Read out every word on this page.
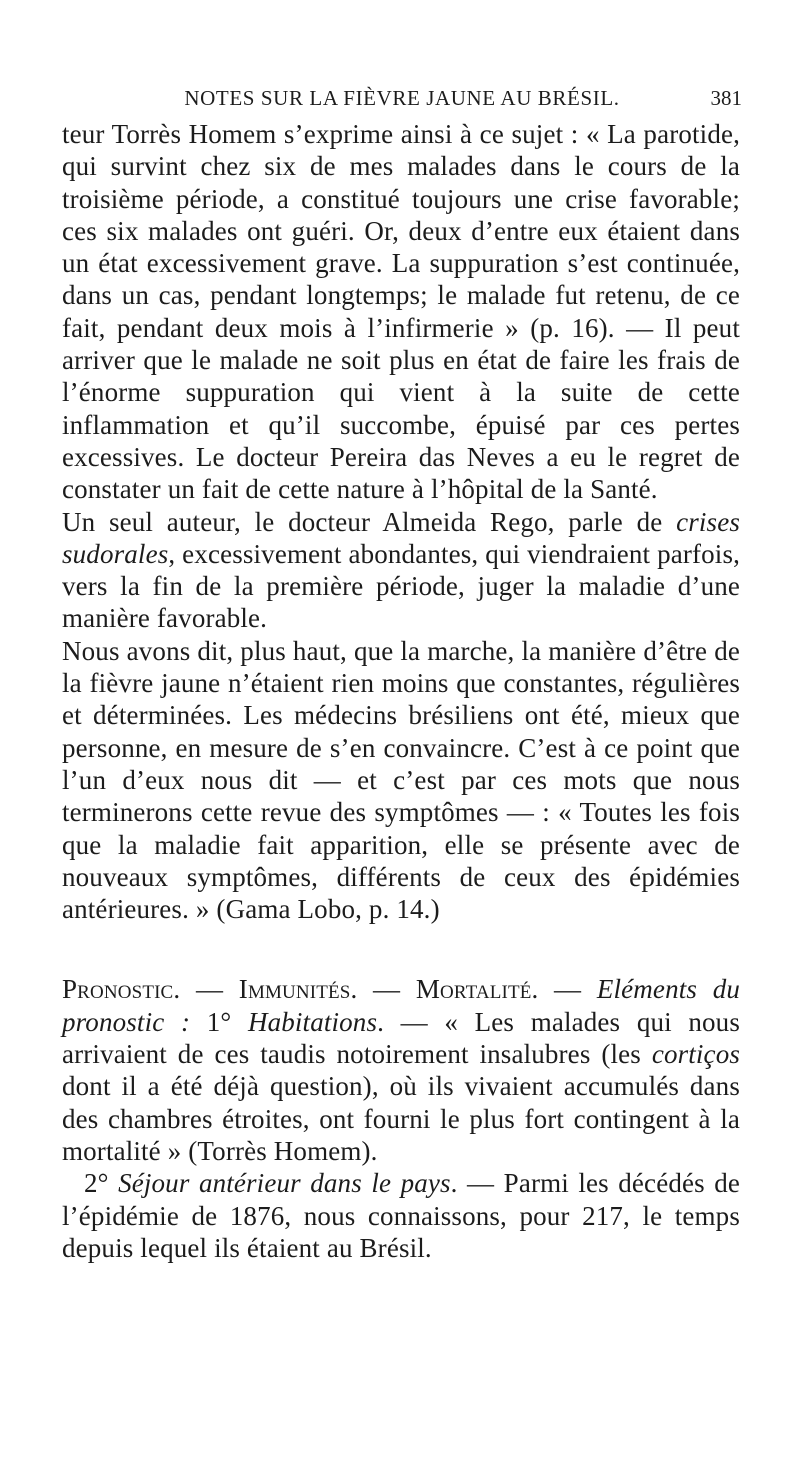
NOTES SUR LA FIÈVRE JAUNE AU BRÉSIL.	381

teur Torrès Homem s’exprime ainsi à ce sujet : « La parotide, qui survint chez six de mes malades dans le cours de la troisième période, a constitué toujours une crise favorable; ces six malades ont guéri. Or, deux d’entre eux étaient dans un état excessivement grave. La suppuration s’est continuée, dans un cas, pendant longtemps; le malade fut retenu, de ce fait, pendant deux mois à l’infirmerie » (p. 16). — Il peut arriver que le malade ne soit plus en état de faire les frais de l’énorme suppuration qui vient à la suite de cette inflammation et qu’il succombe, épuisé par ces pertes excessives. Le docteur Pereira das Neves a eu le regret de constater un fait de cette nature à l’hôpital de la Santé.

Un seul auteur, le docteur Almeida Rego, parle de crises sudorales, excessivement abondantes, qui viendraient parfois, vers la fin de la première période, juger la maladie d’une manière favorable.

Nous avons dit, plus haut, que la marche, la manière d’être de la fièvre jaune n’étaient rien moins que constantes, régulières et déterminées. Les médecins brésiliens ont été, mieux que personne, en mesure de s’en convaincre. C’est à ce point que l’un d’eux nous dit — et c’est par ces mots que nous terminerons cette revue des symptômes — : « Toutes les fois que la maladie fait apparition, elle se présente avec de nouveaux symptômes, différents de ceux des épidémies antérieures. » (Gama Lobo, p. 14.)

Pronostic. — Immunités. — Mortalité. — Eléments du pronostic : 1° Habitations. — « Les malades qui nous arrivaient de ces taudis notoirement insalubres (les cortiços dont il a été déjà question), où ils vivaient accumulés dans des chambres étroites, ont fourni le plus fort contingent à la mortalité » (Torrès Homem).

2° Séjour antérieur dans le pays. — Parmi les décédés de l’épidémie de 1876, nous connaissons, pour 217, le temps depuis lequel ils étaient au Brésil.
